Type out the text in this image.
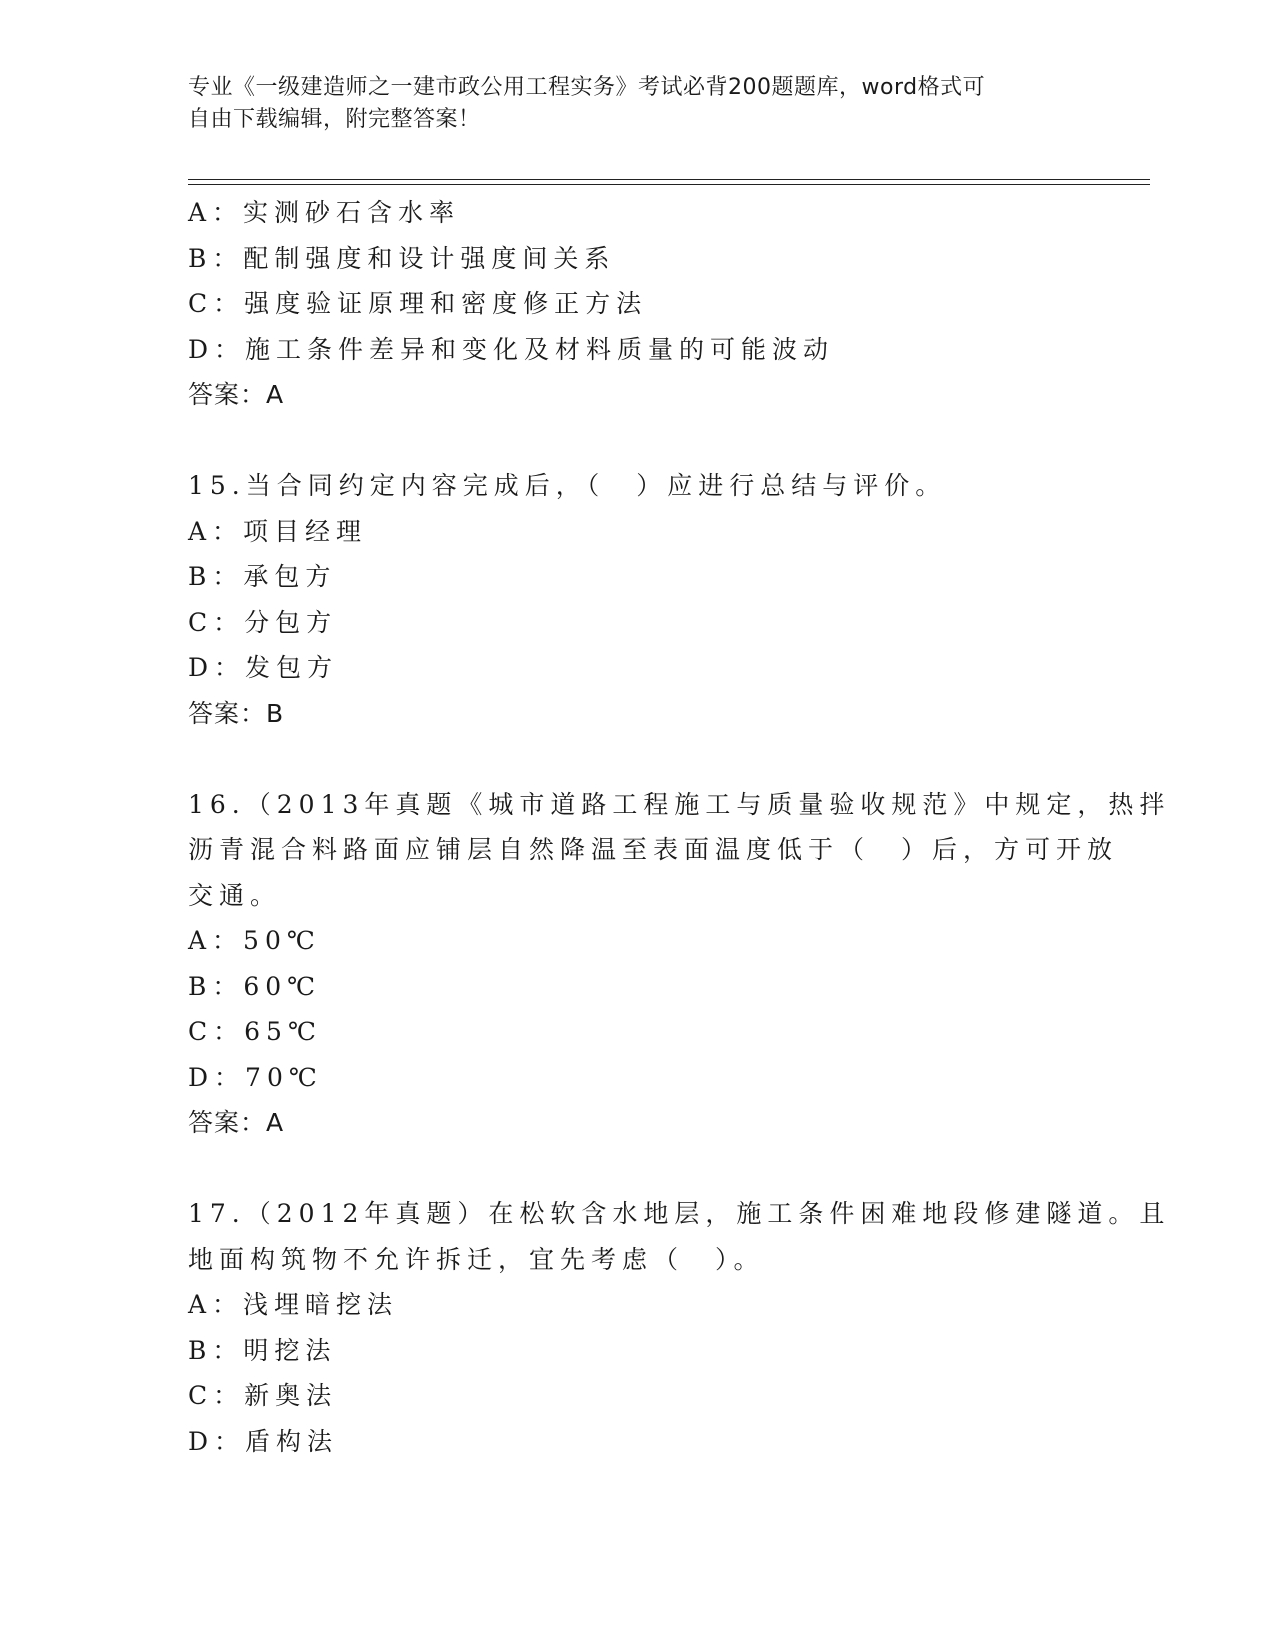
专业《一级建造师之一建市政公用工程实务》考试必背200题题库，word格式可
自由下载编辑，附完整答案！
A：实测砂石含水率
B：配制强度和设计强度间关系
C：强度验证原理和密度修正方法
D：施工条件差异和变化及材料质量的可能波动
答案：A
15.当合同约定内容完成后，（　）应进行总结与评价。
A：项目经理
B：承包方
C：分包方
D：发包方
答案：B
16.（2013年真题《城市道路工程施工与质量验收规范》中规定，热拌
沥青混合料路面应铺层自然降温至表面温度低于（　）后，方可开放
交通。
A：50℃
B：60℃
C：65℃
D：70℃
答案：A
17.（2012年真题）在松软含水地层，施工条件困难地段修建隧道。且
地面构筑物不允许拆迁，宜先考虑（　）。
A：浅埋暗挖法
B：明挖法
C：新奥法
D：盾构法
